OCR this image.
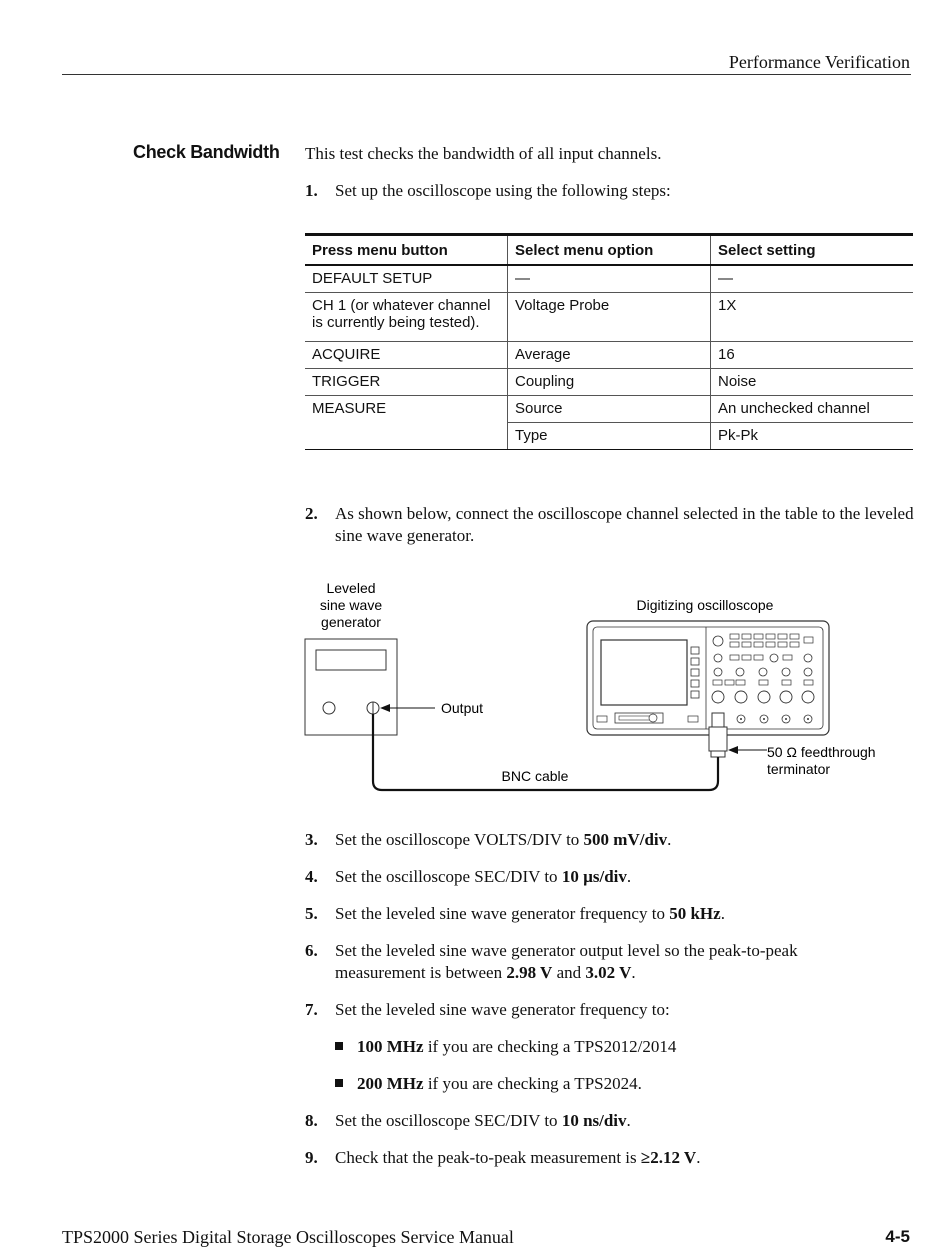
Performance Verification
Check Bandwidth This test checks the bandwidth of all input channels.
1. Set up the oscilloscope using the following steps:
Press menu button	Select menu option	Select setting
DEFAULT SETUP	—	—
CH 1 (or whatever channel is currently being tested).	Voltage Probe	1X
ACQUIRE	Average	16
TRIGGER	Coupling	Noise
MEASURE	Source	An unchecked channel
	Type	Pk-Pk
2. As shown below, connect the oscilloscope channel selected in the table to the leveled sine wave generator.
Leveled
sine wave
generator
Output
Digitizing oscilloscope
50 Ω feedthrough
terminator
BNC cable
3. Set the oscilloscope VOLTS/DIV to 500 mV/div.
4. Set the oscilloscope SEC/DIV to 10 µs/div.
5. Set the leveled sine wave generator frequency to 50 kHz.
6. Set the leveled sine wave generator output level so the peak-to-peak measurement is between 2.98 V and 3.02 V.
7. Set the leveled sine wave generator frequency to:
100 MHz if you are checking a TPS2012/2014
200 MHz if you are checking a TPS2024.
8. Set the oscilloscope SEC/DIV to 10 ns/div.
9. Check that the peak-to-peak measurement is ≥2.12 V.
TPS2000 Series Digital Storage Oscilloscopes Service Manual	4-5
